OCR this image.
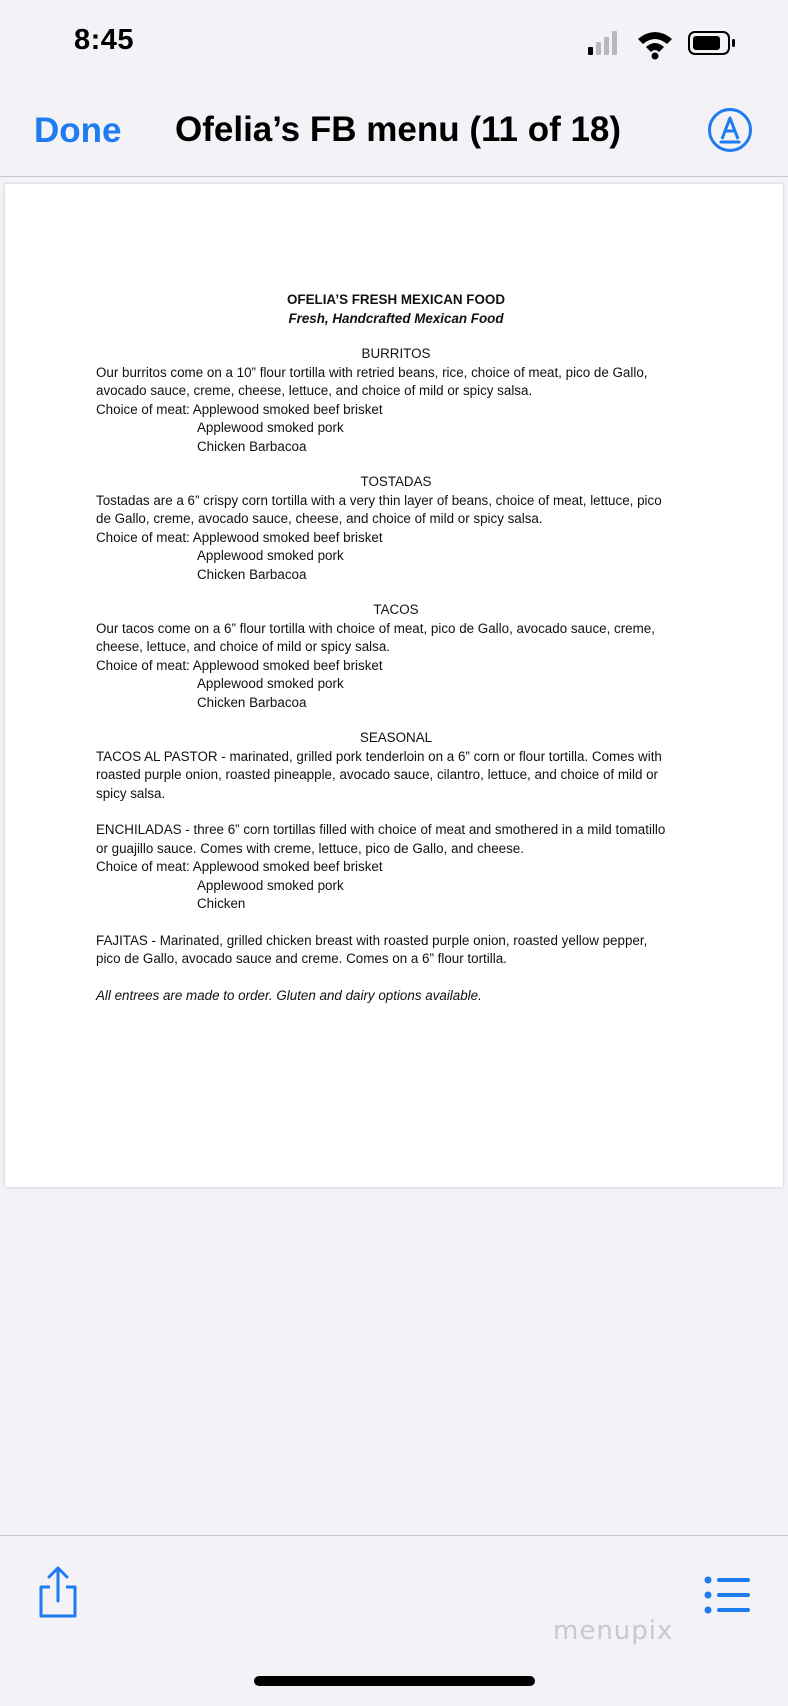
8:45
Done Ofelia’s FB menu (11 of 18)
OFELIA’S FRESH MEXICAN FOOD
Fresh, Handcrafted Mexican Food
BURRITOS
Our burritos come on a 10” flour tortilla with retried beans, rice, choice of meat, pico de Gallo,
avocado sauce, creme, cheese, lettuce, and choice of mild or spicy salsa.
Choice of meat: Applewood smoked beef brisket
Applewood smoked pork
Chicken Barbacoa
TOSTADAS
Tostadas are a 6” crispy corn tortilla with a very thin layer of beans, choice of meat, lettuce, pico
de Gallo, creme, avocado sauce, cheese, and choice of mild or spicy salsa.
Choice of meat: Applewood smoked beef brisket
Applewood smoked pork
Chicken Barbacoa
TACOS
Our tacos come on a 6” flour tortilla with choice of meat, pico de Gallo, avocado sauce, creme,
cheese, lettuce, and choice of mild or spicy salsa.
Choice of meat: Applewood smoked beef brisket
Applewood smoked pork
Chicken Barbacoa
SEASONAL
TACOS AL PASTOR - marinated, grilled pork tenderloin on a 6” corn or flour tortilla. Comes with
roasted purple onion, roasted pineapple, avocado sauce, cilantro, lettuce, and choice of mild or
spicy salsa.
ENCHILADAS - three 6” corn tortillas filled with choice of meat and smothered in a mild tomatillo
or guajillo sauce. Comes with creme, lettuce, pico de Gallo, and cheese.
Choice of meat: Applewood smoked beef brisket
Applewood smoked pork
Chicken
FAJITAS - Marinated, grilled chicken breast with roasted purple onion, roasted yellow pepper,
pico de Gallo, avocado sauce and creme. Comes on a 6” flour tortilla.
All entrees are made to order. Gluten and dairy options available.
menupix
